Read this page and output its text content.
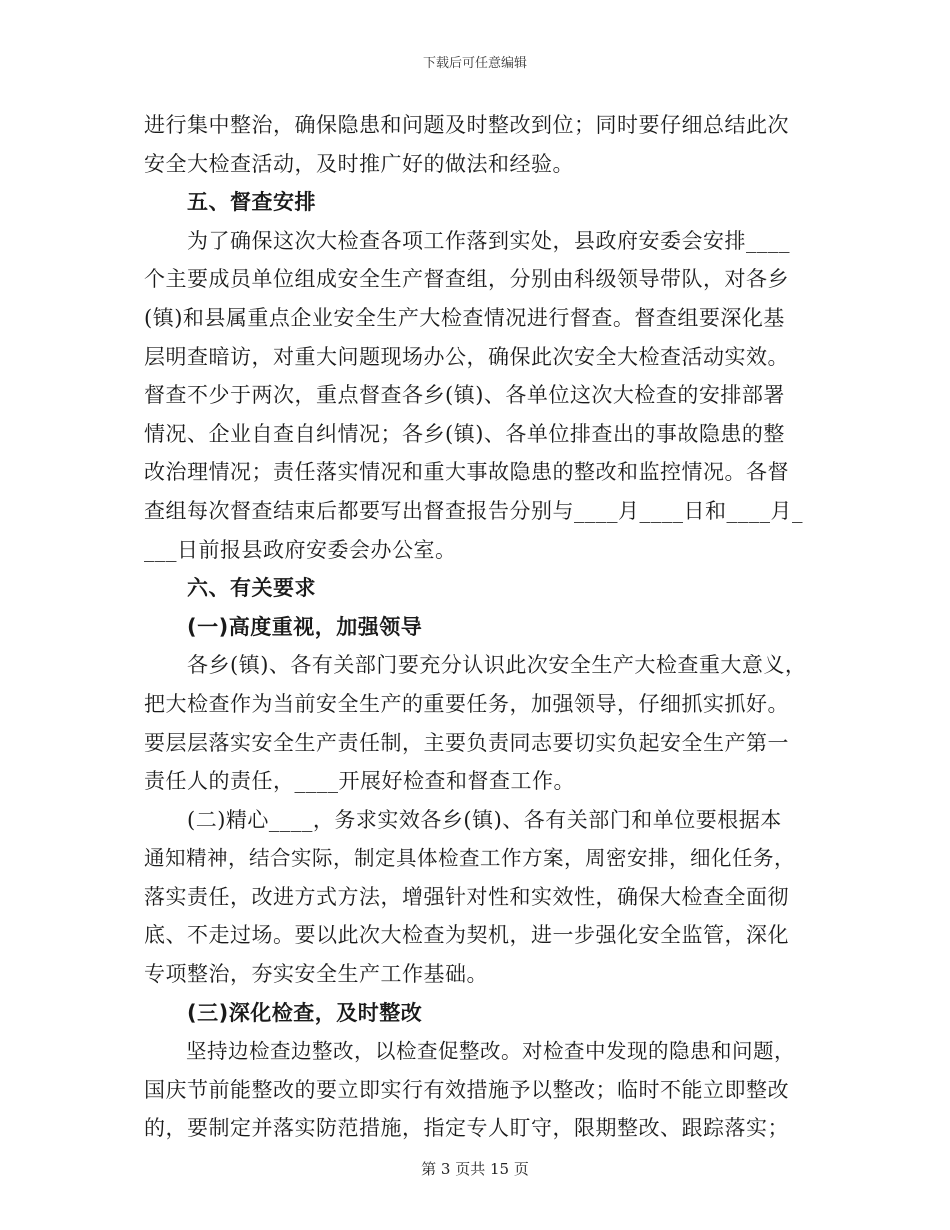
下载后可任意编辑
进行集中整治，确保隐患和问题及时整改到位；同时要仔细总结此次
安全大检查活动，及时推广好的做法和经验。
　　五、督查安排
　　为了确保这次大检查各项工作落到实处，县政府安委会安排____
个主要成员单位组成安全生产督查组，分别由科级领导带队，对各乡
(镇)和县属重点企业安全生产大检查情况进行督查。督查组要深化基
层明查暗访，对重大问题现场办公，确保此次安全大检查活动实效。
督查不少于两次，重点督查各乡(镇)、各单位这次大检查的安排部署
情况、企业自查自纠情况；各乡(镇)、各单位排查出的事故隐患的整
改治理情况；责任落实情况和重大事故隐患的整改和监控情况。各督
查组每次督查结束后都要写出督查报告分别与____月____日和____月_
___日前报县政府安委会办公室。
　　六、有关要求
　　(一)高度重视，加强领导
　　各乡(镇)、各有关部门要充分认识此次安全生产大检查重大意义，
把大检查作为当前安全生产的重要任务，加强领导，仔细抓实抓好。
要层层落实安全生产责任制，主要负责同志要切实负起安全生产第一
责任人的责任，____开展好检查和督查工作。
　　(二)精心____，务求实效各乡(镇)、各有关部门和单位要根据本
通知精神，结合实际，制定具体检查工作方案，周密安排，细化任务，
落实责任，改进方式方法，增强针对性和实效性，确保大检查全面彻
底、不走过场。要以此次大检查为契机，进一步强化安全监管，深化
专项整治，夯实安全生产工作基础。
　　(三)深化检查，及时整改
　　坚持边检查边整改，以检查促整改。对检查中发现的隐患和问题，
国庆节前能整改的要立即实行有效措施予以整改；临时不能立即整改
的，要制定并落实防范措施，指定专人盯守，限期整改、跟踪落实；
第 3 页共 15 页
